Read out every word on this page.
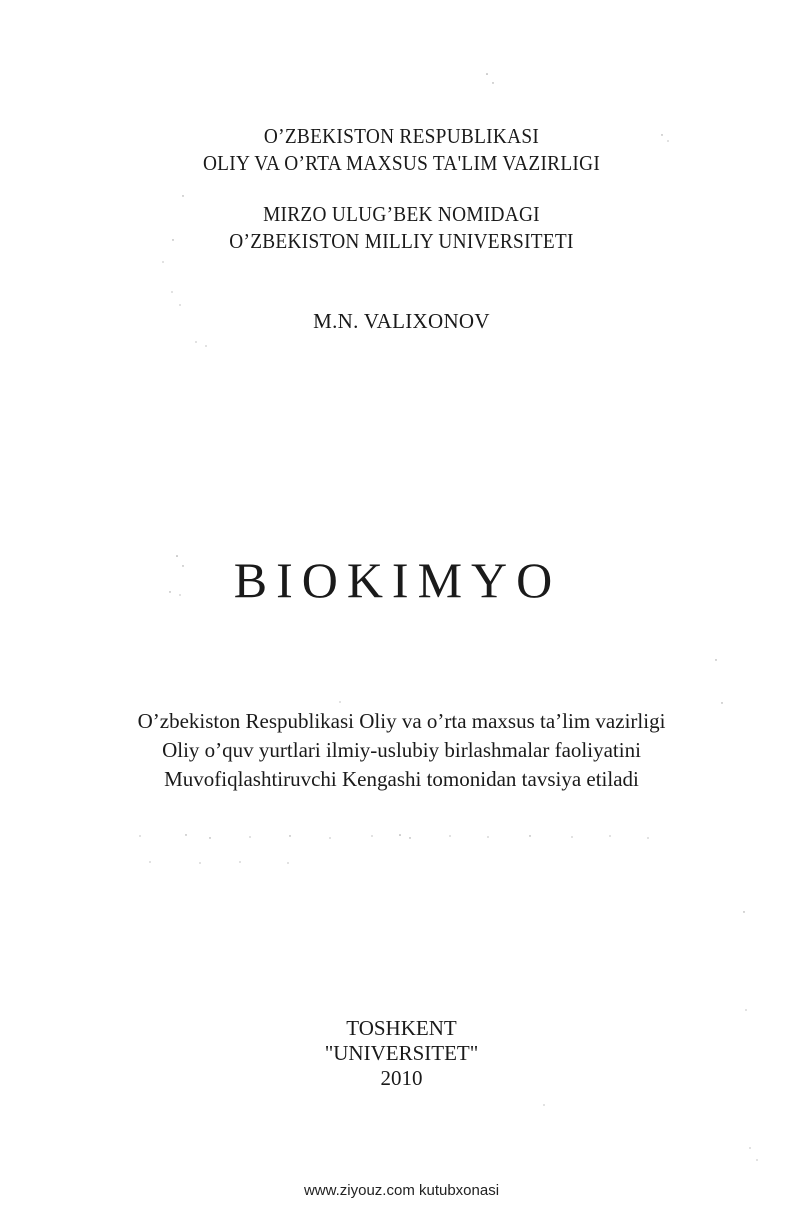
O’ZBEKISTON RESPUBLIKASI
OLIY VA O’RTA MAXSUS TA'LIM VAZIRLIGI
MIRZO ULUG’BEK NOMIDAGI
O’ZBEKISTON MILLIY UNIVERSITETI
M.N. VALIXONOV
BIOKIMYO
O’zbekiston Respublikasi Oliy va o’rta maxsus ta’lim vazirligi
Oliy o’quv yurtlari ilmiy-uslubiy birlashmalar faoliyatini
Muvofiqlashtiruvchi Kengashi tomonidan tavsiya etiladi
TOSHKENT
"UNIVERSITET"
2010
www.ziyouz.com kutubxonasi
